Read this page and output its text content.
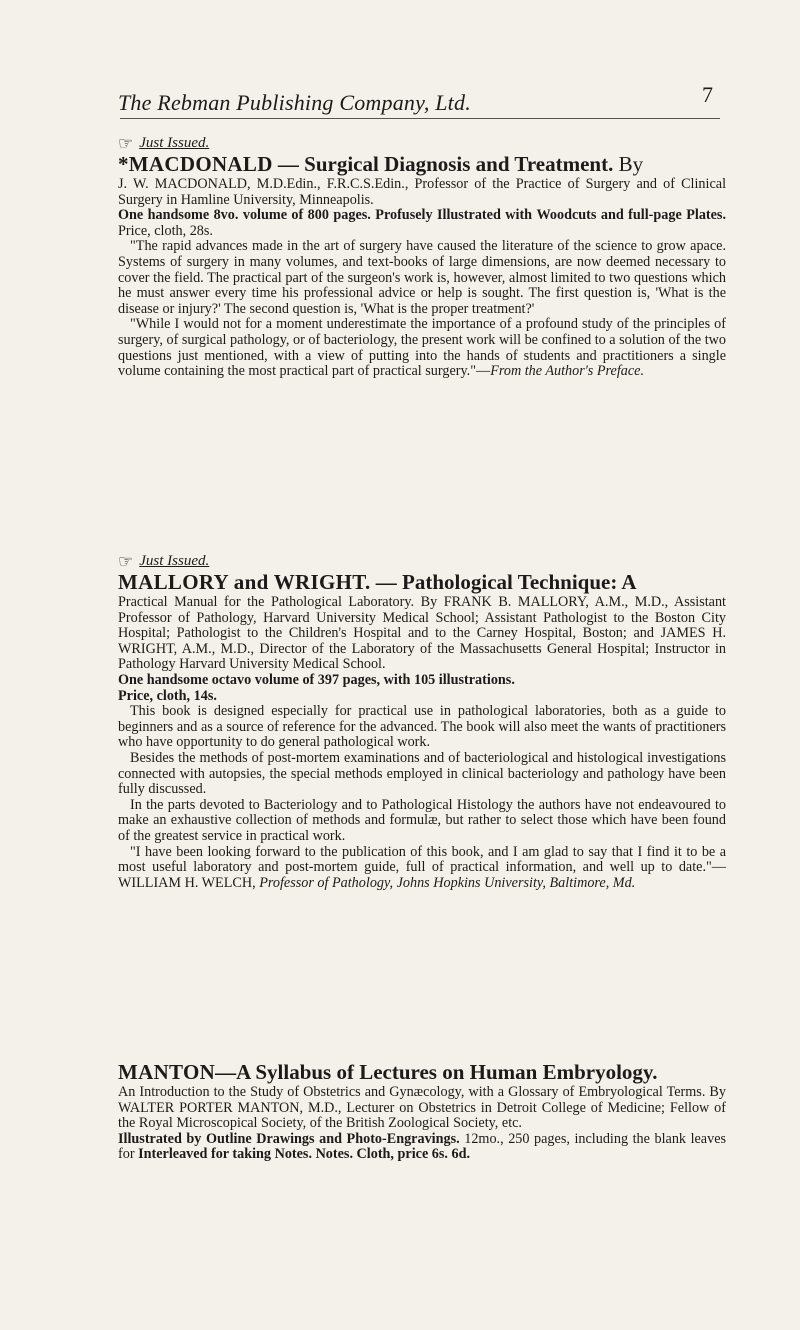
The Rebman Publishing Company, Ltd.	7
☞ Just Issued.
*MACDONALD — Surgical Diagnosis and Treatment. By

J. W. MACDONALD, M.D.Edin., F.R.C.S.Edin., Professor of the Practice of Surgery and of Clinical Surgery in Hamline University, Minneapolis.

One handsome 8vo. volume of 800 pages. Profusely Illustrated with Woodcuts and full-page Plates. Price, cloth, 28s.

"The rapid advances made in the art of surgery have caused the literature of the science to grow apace. Systems of surgery in many volumes, and text-books of large dimensions, are now deemed necessary to cover the field. The practical part of the surgeon's work is, however, almost limited to two questions which he must answer every time his professional advice or help is sought. The first question is, 'What is the disease or injury?' The second question is, 'What is the proper treatment?'

"While I would not for a moment underestimate the importance of a profound study of the principles of surgery, of surgical pathology, or of bacteriology, the present work will be confined to a solution of the two questions just mentioned, with a view of putting into the hands of students and practitioners a single volume containing the most practical part of practical surgery."—From the Author's Preface.

☞ Just Issued.
MALLORY and WRIGHT. — Pathological Technique: A

Practical Manual for the Pathological Laboratory. By FRANK B. MALLORY, A.M., M.D., Assistant Professor of Pathology, Harvard University Medical School; Assistant Pathologist to the Boston City Hospital; Pathologist to the Children's Hospital and to the Carney Hospital, Boston; and JAMES H. WRIGHT, A.M., M.D., Director of the Laboratory of the Massachusetts General Hospital; Instructor in Pathology Harvard University Medical School.

One handsome octavo volume of 397 pages, with 105 illustrations.

Price, cloth, 14s.

This book is designed especially for practical use in pathological laboratories, both as a guide to beginners and as a source of reference for the advanced. The book will also meet the wants of practitioners who have opportunity to do general pathological work.

Besides the methods of post-mortem examinations and of bacteriological and histological investigations connected with autopsies, the special methods employed in clinical bacteriology and pathology have been fully discussed.

In the parts devoted to Bacteriology and to Pathological Histology the authors have not endeavoured to make an exhaustive collection of methods and formulæ, but rather to select those which have been found of the greatest service in practical work.

"I have been looking forward to the publication of this book, and I am glad to say that I find it to be a most useful laboratory and post-mortem guide, full of practical information, and well up to date."—WILLIAM H. WELCH, Professor of Pathology, Johns Hopkins University, Baltimore, Md.

MANTON—A Syllabus of Lectures on Human Embryology.

An Introduction to the Study of Obstetrics and Gynæcology, with a Glossary of Embryological Terms. By WALTER PORTER MANTON, M.D., Lecturer on Obstetrics in Detroit College of Medicine; Fellow of the Royal Microscopical Society, of the British Zoological Society, etc.

Illustrated by Outline Drawings and Photo-Engravings. 12mo., 250 pages, including the blank leaves for Interleaved for taking Notes. Notes. Cloth, price 6s. 6d.
